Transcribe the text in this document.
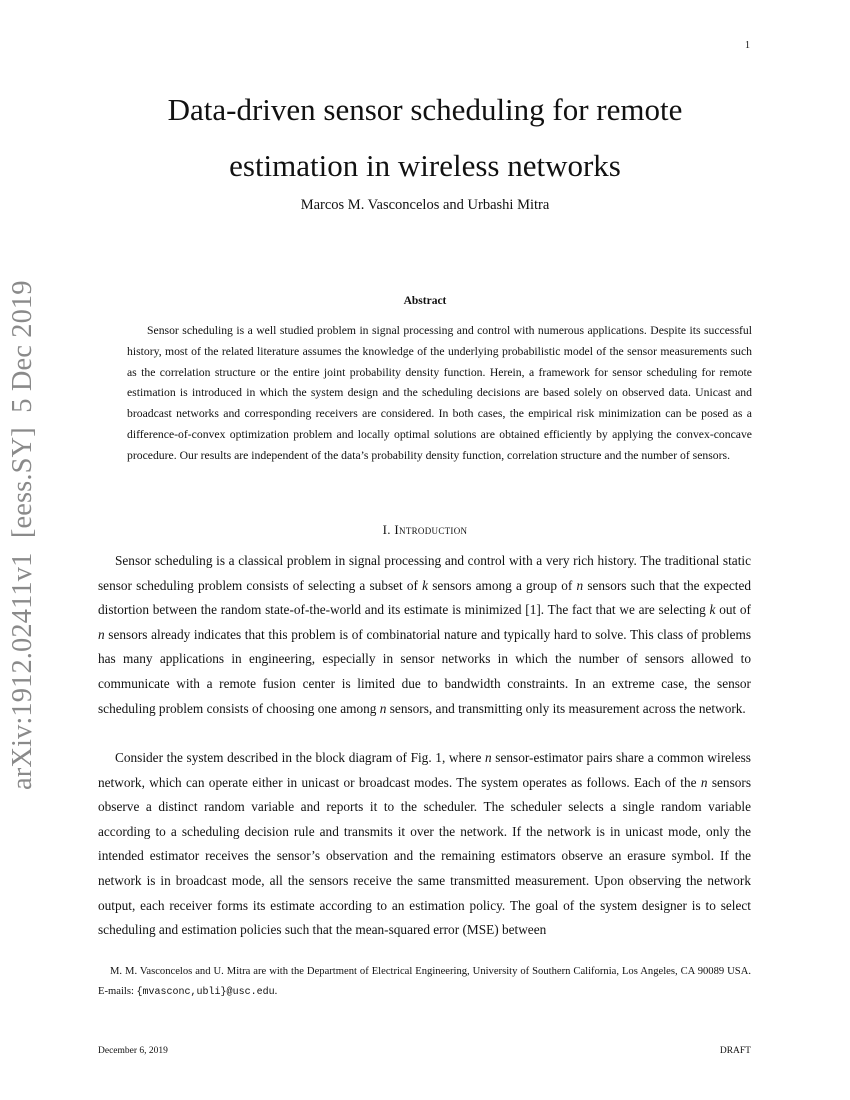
1
arXiv:1912.02411v1  [eess.SY]  5 Dec 2019
Data-driven sensor scheduling for remote
estimation in wireless networks
Marcos M. Vasconcelos and Urbashi Mitra
Abstract
Sensor scheduling is a well studied problem in signal processing and control with numerous applications. Despite its successful history, most of the related literature assumes the knowledge of the underlying probabilistic model of the sensor measurements such as the correlation structure or the entire joint probability density function. Herein, a framework for sensor scheduling for remote estimation is introduced in which the system design and the scheduling decisions are based solely on observed data. Unicast and broadcast networks and corresponding receivers are considered. In both cases, the empirical risk minimization can be posed as a difference-of-convex optimization problem and locally optimal solutions are obtained efficiently by applying the convex-concave procedure. Our results are independent of the data’s probability density function, correlation structure and the number of sensors.
I. Introduction
Sensor scheduling is a classical problem in signal processing and control with a very rich history. The traditional static sensor scheduling problem consists of selecting a subset of k sensors among a group of n sensors such that the expected distortion between the random state-of-the-world and its estimate is minimized [1]. The fact that we are selecting k out of n sensors already indicates that this problem is of combinatorial nature and typically hard to solve. This class of problems has many applications in engineering, especially in sensor networks in which the number of sensors allowed to communicate with a remote fusion center is limited due to bandwidth constraints. In an extreme case, the sensor scheduling problem consists of choosing one among n sensors, and transmitting only its measurement across the network.
Consider the system described in the block diagram of Fig. 1, where n sensor-estimator pairs share a common wireless network, which can operate either in unicast or broadcast modes. The system operates as follows. Each of the n sensors observe a distinct random variable and reports it to the scheduler. The scheduler selects a single random variable according to a scheduling decision rule and transmits it over the network. If the network is in unicast mode, only the intended estimator receives the sensor’s observation and the remaining estimators observe an erasure symbol. If the network is in broadcast mode, all the sensors receive the same transmitted measurement. Upon observing the network output, each receiver forms its estimate according to an estimation policy. The goal of the system designer is to select scheduling and estimation policies such that the mean-squared error (MSE) between
M. M. Vasconcelos and U. Mitra are with the Department of Electrical Engineering, University of Southern California, Los Angeles, CA 90089 USA. E-mails: {mvasconc,ubli}@usc.edu.
December 6, 2019	DRAFT
